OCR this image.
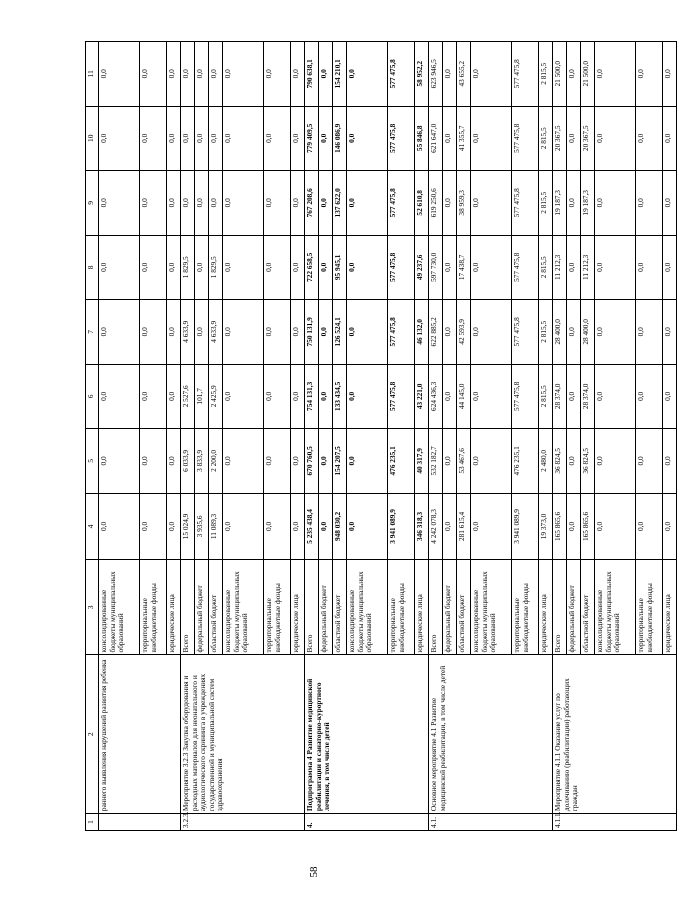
58
1	2	3	4	5	6	7	8	9	10	11
	раннего выявления нарушений развития ребенка	консолидированные бюджеты муниципальных образований	0,0	0,0	0,0	0,0	0,0	0,0	0,0	0,0
		территориальные внебюджетные фонды	0,0	0,0	0,0	0,0	0,0	0,0	0,0	0,0
		юридические лица	0,0	0,0	0,0	0,0	0,0	0,0	0,0	0,0
3.2.3.	Мероприятие 3.2.3 Закупка оборудования и расходных материалов для неонатального и аудиологического скрининга в учреждениях государственной и муниципальной систем здравоохранения	Всего	15 024,9	6 033,9	2 527,6	4 633,9	1 829,5	0,0	0,0	0,0
		федеральный бюджет	3 935,6	3 833,9	101,7	0,0	0,0	0,0	0,0	0,0
		областной бюджет	11 089,3	2 200,0	2 425,9	4 633,9	1 829,5	0,0	0,0	0,0
		консолидированные бюджеты муниципальных образований	0,0	0,0	0,0	0,0	0,0	0,0	0,0	0,0
		территориальные внебюджетные фонды	0,0	0,0	0,0	0,0	0,0	0,0	0,0	0,0
		юридические лица	0,0	0,0	0,0	0,0	0,0	0,0	0,0	0,0
4.	Подпрограмма 4 Развитие медицинской реабилитации и санаторно-курортного лечения, в том числе детей	Всего	5 235 438,4	670 760,5	754 131,3	750 131,9	722 658,5	767 208,6	779 409,5	790 638,1
		федеральный бюджет	0,0	0,0	0,0	0,0	0,0	0,0	0,0	0,0
		областной бюджет	948 030,2	154 207,5	133 434,5	126 524,1	95 945,1	137 622,0	146 086,9	154 210,1
		консолидированные бюджеты муниципальных образований	0,0	0,0	0,0	0,0	0,0	0,0	0,0	0,0
		территориальные внебюджетные фонды	3 941 089,9	476 235,1	577 475,8	577 475,8	577 475,8	577 475,8	577 475,8	577 475,8
		юридические лица	346 318,3	40 317,9	43 221,0	46 132,0	49 237,6	52 610,8	55 846,8	58 952,2
4.1.	Основное мероприятие 4.1 Развитие медицинской реабилитации, в том числе детей	Всего	4 242 078,3	532 182,7	624 436,3	622 885,2	597 730,0	619 250,6	621 647,0	623 946,5
		федеральный бюджет	0,0	0,0	0,0	0,0	0,0	0,0	0,0	0,0
		областной бюджет	281 615,4	53 467,6	44 145,0	42 593,9	17 438,7	38 959,3	41 355,7	43 655,2
		консолидированные бюджеты муниципальных образований	0,0	0,0	0,0	0,0	0,0	0,0	0,0	0,0
		территориальные внебюджетные фонды	3 941 089,9	476 235,1	577 475,8	577 475,8	577 475,8	577 475,8	577 475,8	577 475,8
		юридические лица	19 373,0	2 480,0	2 815,5	2 815,5	2 815,5	2 815,5	2 815,5	2 815,5
4.1.1.	Мероприятие 4.1.1 Оказание услуг по долечиванию (реабилитации) работающих граждан	Всего	165 865,6	36 824,5	28 374,0	28 400,0	11 212,3	19 187,3	20 367,5	21 500,0
		федеральный бюджет	0,0	0,0	0,0	0,0	0,0	0,0	0,0	0,0
		областной бюджет	165 865,6	36 824,5	28 374,0	28 400,0	11 212,3	19 187,3	20 367,5	21 500,0
		консолидированные бюджеты муниципальных образований	0,0	0,0	0,0	0,0	0,0	0,0	0,0	0,0
		территориальные внебюджетные фонды	0,0	0,0	0,0	0,0	0,0	0,0	0,0	0,0
		юридические лица	0,0	0,0	0,0	0,0	0,0	0,0	0,0	0,0
